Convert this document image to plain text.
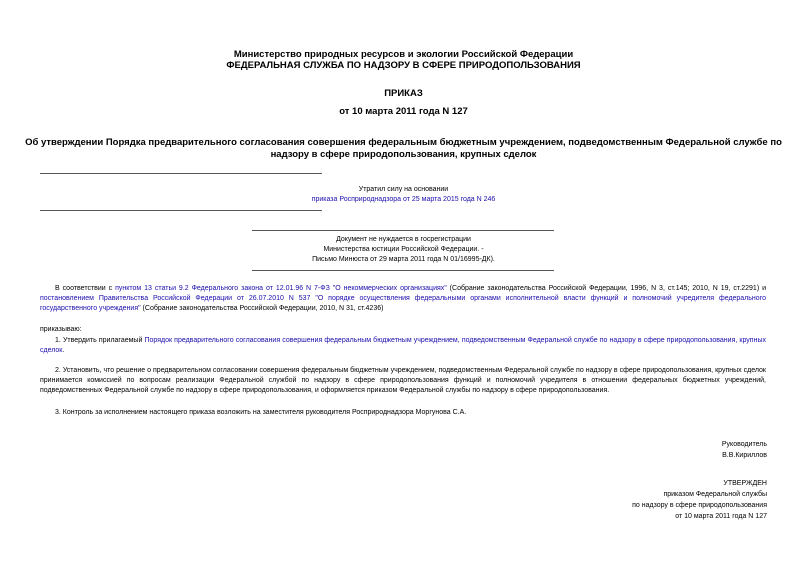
Министерство природных ресурсов и экологии Российской Федерации
ФЕДЕРАЛЬНАЯ СЛУЖБА ПО НАДЗОРУ В СФЕРЕ ПРИРОДОПОЛЬЗОВАНИЯ
ПРИКАЗ
от 10 марта 2011 года N 127
Об утверждении Порядка предварительного согласования совершения федеральным бюджетным учреждением, подведомственным Федеральной службе по
надзору в сфере природопользования, крупных сделок
Утратил силу на основании
приказа Росприроднадзора от 25 марта 2015 года N 246
Документ не нуждается в госрегистрации
Министерства юстиции Российской Федерации. -
Письмо Минюста от 29 марта 2011 года N 01/16995-ДК).
В соответствии с пунктом 13 статьи 9.2 Федерального закона от 12.01.96 N 7-ФЗ "О некоммерческих организациях" (Собрание законодательства Российской Федерации, 1996, N 3, ст.145; 2010, N 19, ст.2291) и постановлением Правительства Российской Федерации от 26.07.2010 N 537 "О порядке осуществления федеральными органами исполнительной власти функций и полномочий учредителя федерального государственного учреждения" (Собрание законодательства Российской Федерации, 2010, N 31, ст.4236)
приказываю:
1. Утвердить прилагаемый Порядок предварительного согласования совершения федеральным бюджетным учреждением, подведомственным Федеральной службе по надзору в сфере природопользования, крупных сделок.
2. Установить, что решение о предварительном согласовании совершения федеральным бюджетным учреждением, подведомственным Федеральной службе по надзору в сфере природопользования, крупных сделок принимается комиссией по вопросам реализации Федеральной службой по надзору в сфере природопользования функций и полномочий учредителя в отношении федеральных бюджетных учреждений, подведомственных Федеральной службе по надзору в сфере природопользования, и оформляется приказом Федеральной службы по надзору в сфере природопользования.
3. Контроль за исполнением настоящего приказа возложить на заместителя руководителя Росприроднадзора Моргунова С.А.
Руководитель
В.В.Кириллов
УТВЕРЖДЕН
приказом Федеральной службы
по надзору в сфере природопользования
от 10 марта 2011 года N 127
